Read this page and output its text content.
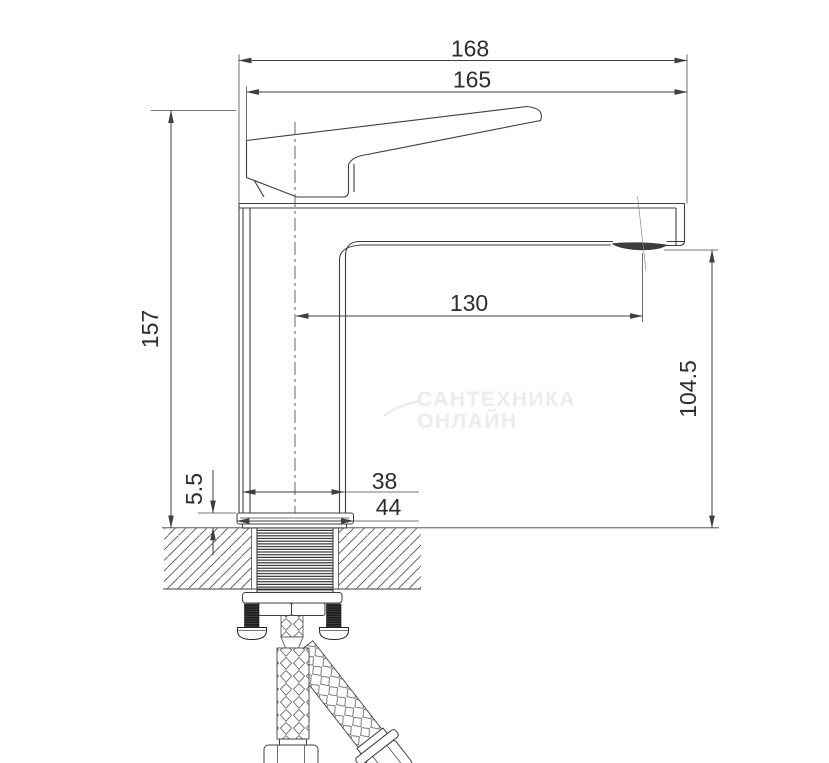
САНТЕХНИКА
ОНЛАЙН
168
165
157
130
104.5
5.5	38
44
